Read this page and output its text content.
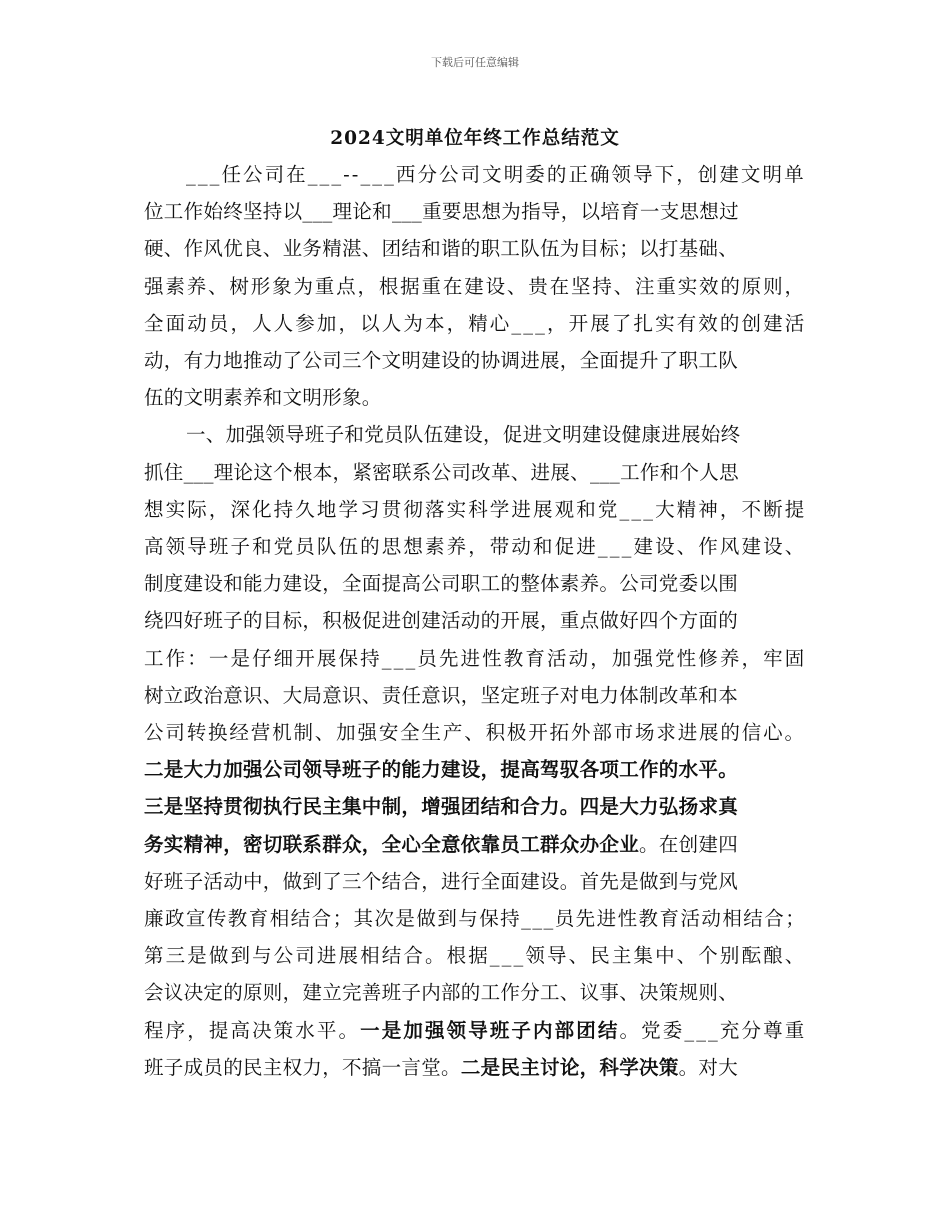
下载后可任意编辑
2024文明单位年终工作总结范文
___任公司在___--___西分公司文明委的正确领导下，创建文明单
位工作始终坚持以___理论和___重要思想为指导，以培育一支思想过
硬、作风优良、业务精湛、团结和谐的职工队伍为目标；以打基础、
强素养、树形象为重点，根据重在建设、贵在坚持、注重实效的原则，
全面动员，人人参加，以人为本，精心___，开展了扎实有效的创建活
动，有力地推动了公司三个文明建设的协调进展，全面提升了职工队
伍的文明素养和文明形象。
一、加强领导班子和党员队伍建设，促进文明建设健康进展始终
抓住___理论这个根本，紧密联系公司改革、进展、___工作和个人思
想实际，深化持久地学习贯彻落实科学进展观和党___大精神，不断提
高领导班子和党员队伍的思想素养，带动和促进___建设、作风建设、
制度建设和能力建设，全面提高公司职工的整体素养。公司党委以围
绕四好班子的目标，积极促进创建活动的开展，重点做好四个方面的
工作：一是仔细开展保持___员先进性教育活动，加强党性修养，牢固
树立政治意识、大局意识、责任意识，坚定班子对电力体制改革和本
公司转换经营机制、加强安全生产、积极开拓外部市场求进展的信心。
二是大力加强公司领导班子的能力建设，提高驾驭各项工作的水平。
三是坚持贯彻执行民主集中制，增强团结和合力。四是大力弘扬求真
务实精神，密切联系群众，全心全意依靠员工群众办企业。在创建四
好班子活动中，做到了三个结合，进行全面建设。首先是做到与党风
廉政宣传教育相结合；其次是做到与保持___员先进性教育活动相结合；
第三是做到与公司进展相结合。根据___领导、民主集中、个别酝酿、
会议决定的原则，建立完善班子内部的工作分工、议事、决策规则、
程序，提高决策水平。一是加强领导班子内部团结。党委___充分尊重
班子成员的民主权力，不搞一言堂。二是民主讨论，科学决策。对大
